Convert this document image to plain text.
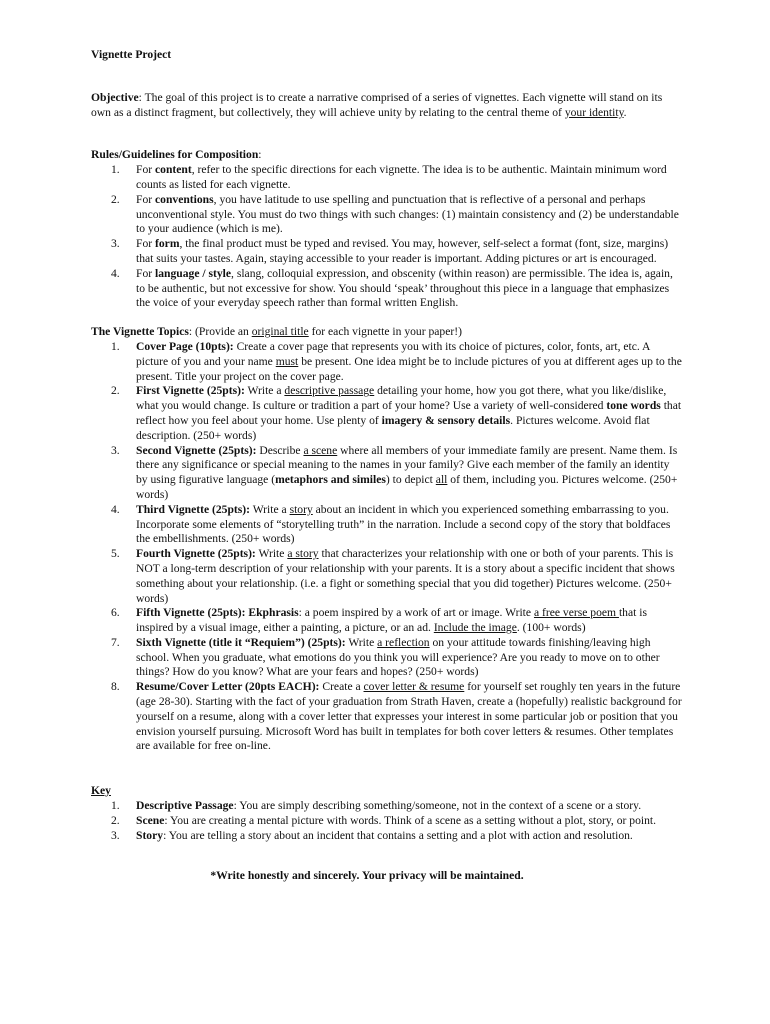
Vignette Project

Objective: The goal of this project is to create a narrative comprised of a series of vignettes. Each vignette will stand on its own as a distinct fragment, but collectively, they will achieve unity by relating to the central theme of your identity.

Rules/Guidelines for Composition:

1. For content, refer to the specific directions for each vignette. The idea is to be authentic. Maintain minimum word counts as listed for each vignette.
2. For conventions, you have latitude to use spelling and punctuation that is reflective of a personal and perhaps unconventional style. You must do two things with such changes: (1) maintain consistency and (2) be understandable to your audience (which is me).
3. For form, the final product must be typed and revised. You may, however, self-select a format (font, size, margins) that suits your tastes. Again, staying accessible to your reader is important. Adding pictures or art is encouraged.
4. For language / style, slang, colloquial expression, and obscenity (within reason) are permissible. The idea is, again, to be authentic, but not excessive for show. You should ‘speak’ throughout this piece in a language that emphasizes the voice of your everyday speech rather than formal written English.

The Vignette Topics: (Provide an original title for each vignette in your paper!)

1. Cover Page (10pts): Create a cover page that represents you with its choice of pictures, color, fonts, art, etc. A picture of you and your name must be present. One idea might be to include pictures of you at different ages up to the present. Title your project on the cover page.
2. First Vignette (25pts): Write a descriptive passage detailing your home, how you got there, what you like/dislike, what you would change. Is culture or tradition a part of your home? Use a variety of well-considered tone words that reflect how you feel about your home. Use plenty of imagery & sensory details. Pictures welcome. Avoid flat description. (250+ words)
3. Second Vignette (25pts): Describe a scene where all members of your immediate family are present. Name them. Is there any significance or special meaning to the names in your family? Give each member of the family an identity by using figurative language (metaphors and similes) to depict all of them, including you. Pictures welcome. (250+ words)
4. Third Vignette (25pts): Write a story about an incident in which you experienced something embarrassing to you. Incorporate some elements of “storytelling truth” in the narration. Include a second copy of the story that boldfaces the embellishments. (250+ words)
5. Fourth Vignette (25pts): Write a story that characterizes your relationship with one or both of your parents. This is NOT a long-term description of your relationship with your parents. It is a story about a specific incident that shows something about your relationship. (i.e. a fight or something special that you did together) Pictures welcome. (250+ words)
6. Fifth Vignette (25pts): Ekphrasis: a poem inspired by a work of art or image. Write a free verse poem that is inspired by a visual image, either a painting, a picture, or an ad. Include the image. (100+ words)
7. Sixth Vignette (title it “Requiem”) (25pts): Write a reflection on your attitude towards finishing/leaving high school. When you graduate, what emotions do you think you will experience? Are you ready to move on to other things? How do you know? What are your fears and hopes? (250+ words)
8. Resume/Cover Letter (20pts EACH): Create a cover letter & resume for yourself set roughly ten years in the future (age 28-30). Starting with the fact of your graduation from Strath Haven, create a (hopefully) realistic background for yourself on a resume, along with a cover letter that expresses your interest in some particular job or position that you envision yourself pursuing. Microsoft Word has built in templates for both cover letters & resumes. Other templates are available for free on-line.

Key

1. Descriptive Passage: You are simply describing something/someone, not in the context of a scene or a story.
2. Scene: You are creating a mental picture with words. Think of a scene as a setting without a plot, story, or point.
3. Story: You are telling a story about an incident that contains a setting and a plot with action and resolution.

*Write honestly and sincerely. Your privacy will be maintained.
